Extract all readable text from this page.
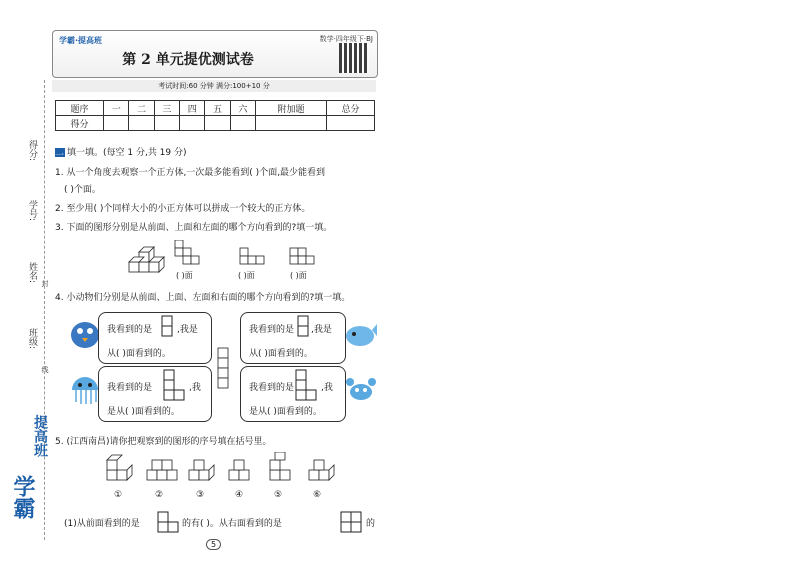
得分:
学号:
姓名:
班级:
封
线
学霸
提高班
学霸·提高班	数学·四年级下·BJ
第 2 单元提优测试卷
考试时间:60 分钟 满分:100+10 分
题序	一	二	三	四	五	六	附加题	总分
得分								
一 填一填。(每空 1 分,共 19 分)
1. 从一个角度去观察一个正方体,一次最多能看到( )个面,最少能看到
( )个面。
2. 至少用( )个同样大小的小正方体可以拼成一个较大的正方体。
3. 下面的图形分别是从前面、上面和左面的哪个方向看到的?填一填。
( )面	( )面	( )面
4. 小动物们分别是从前面、上面、左面和右面的哪个方向看到的?填一填。
我看到的是	,我是
从( )面看到的。
我看到的是 ,我是
从( )面看到的。
我看到的是	,我
是从( )面看到的。
我看到的是	,我
是从( )面看到的。
5. (江西南昌)请你把观察到的图形的序号填在括号里。
①	②	③	④	⑤	⑥
(1)从前面看到的是	的有( )。从右面看到的是	的
5
